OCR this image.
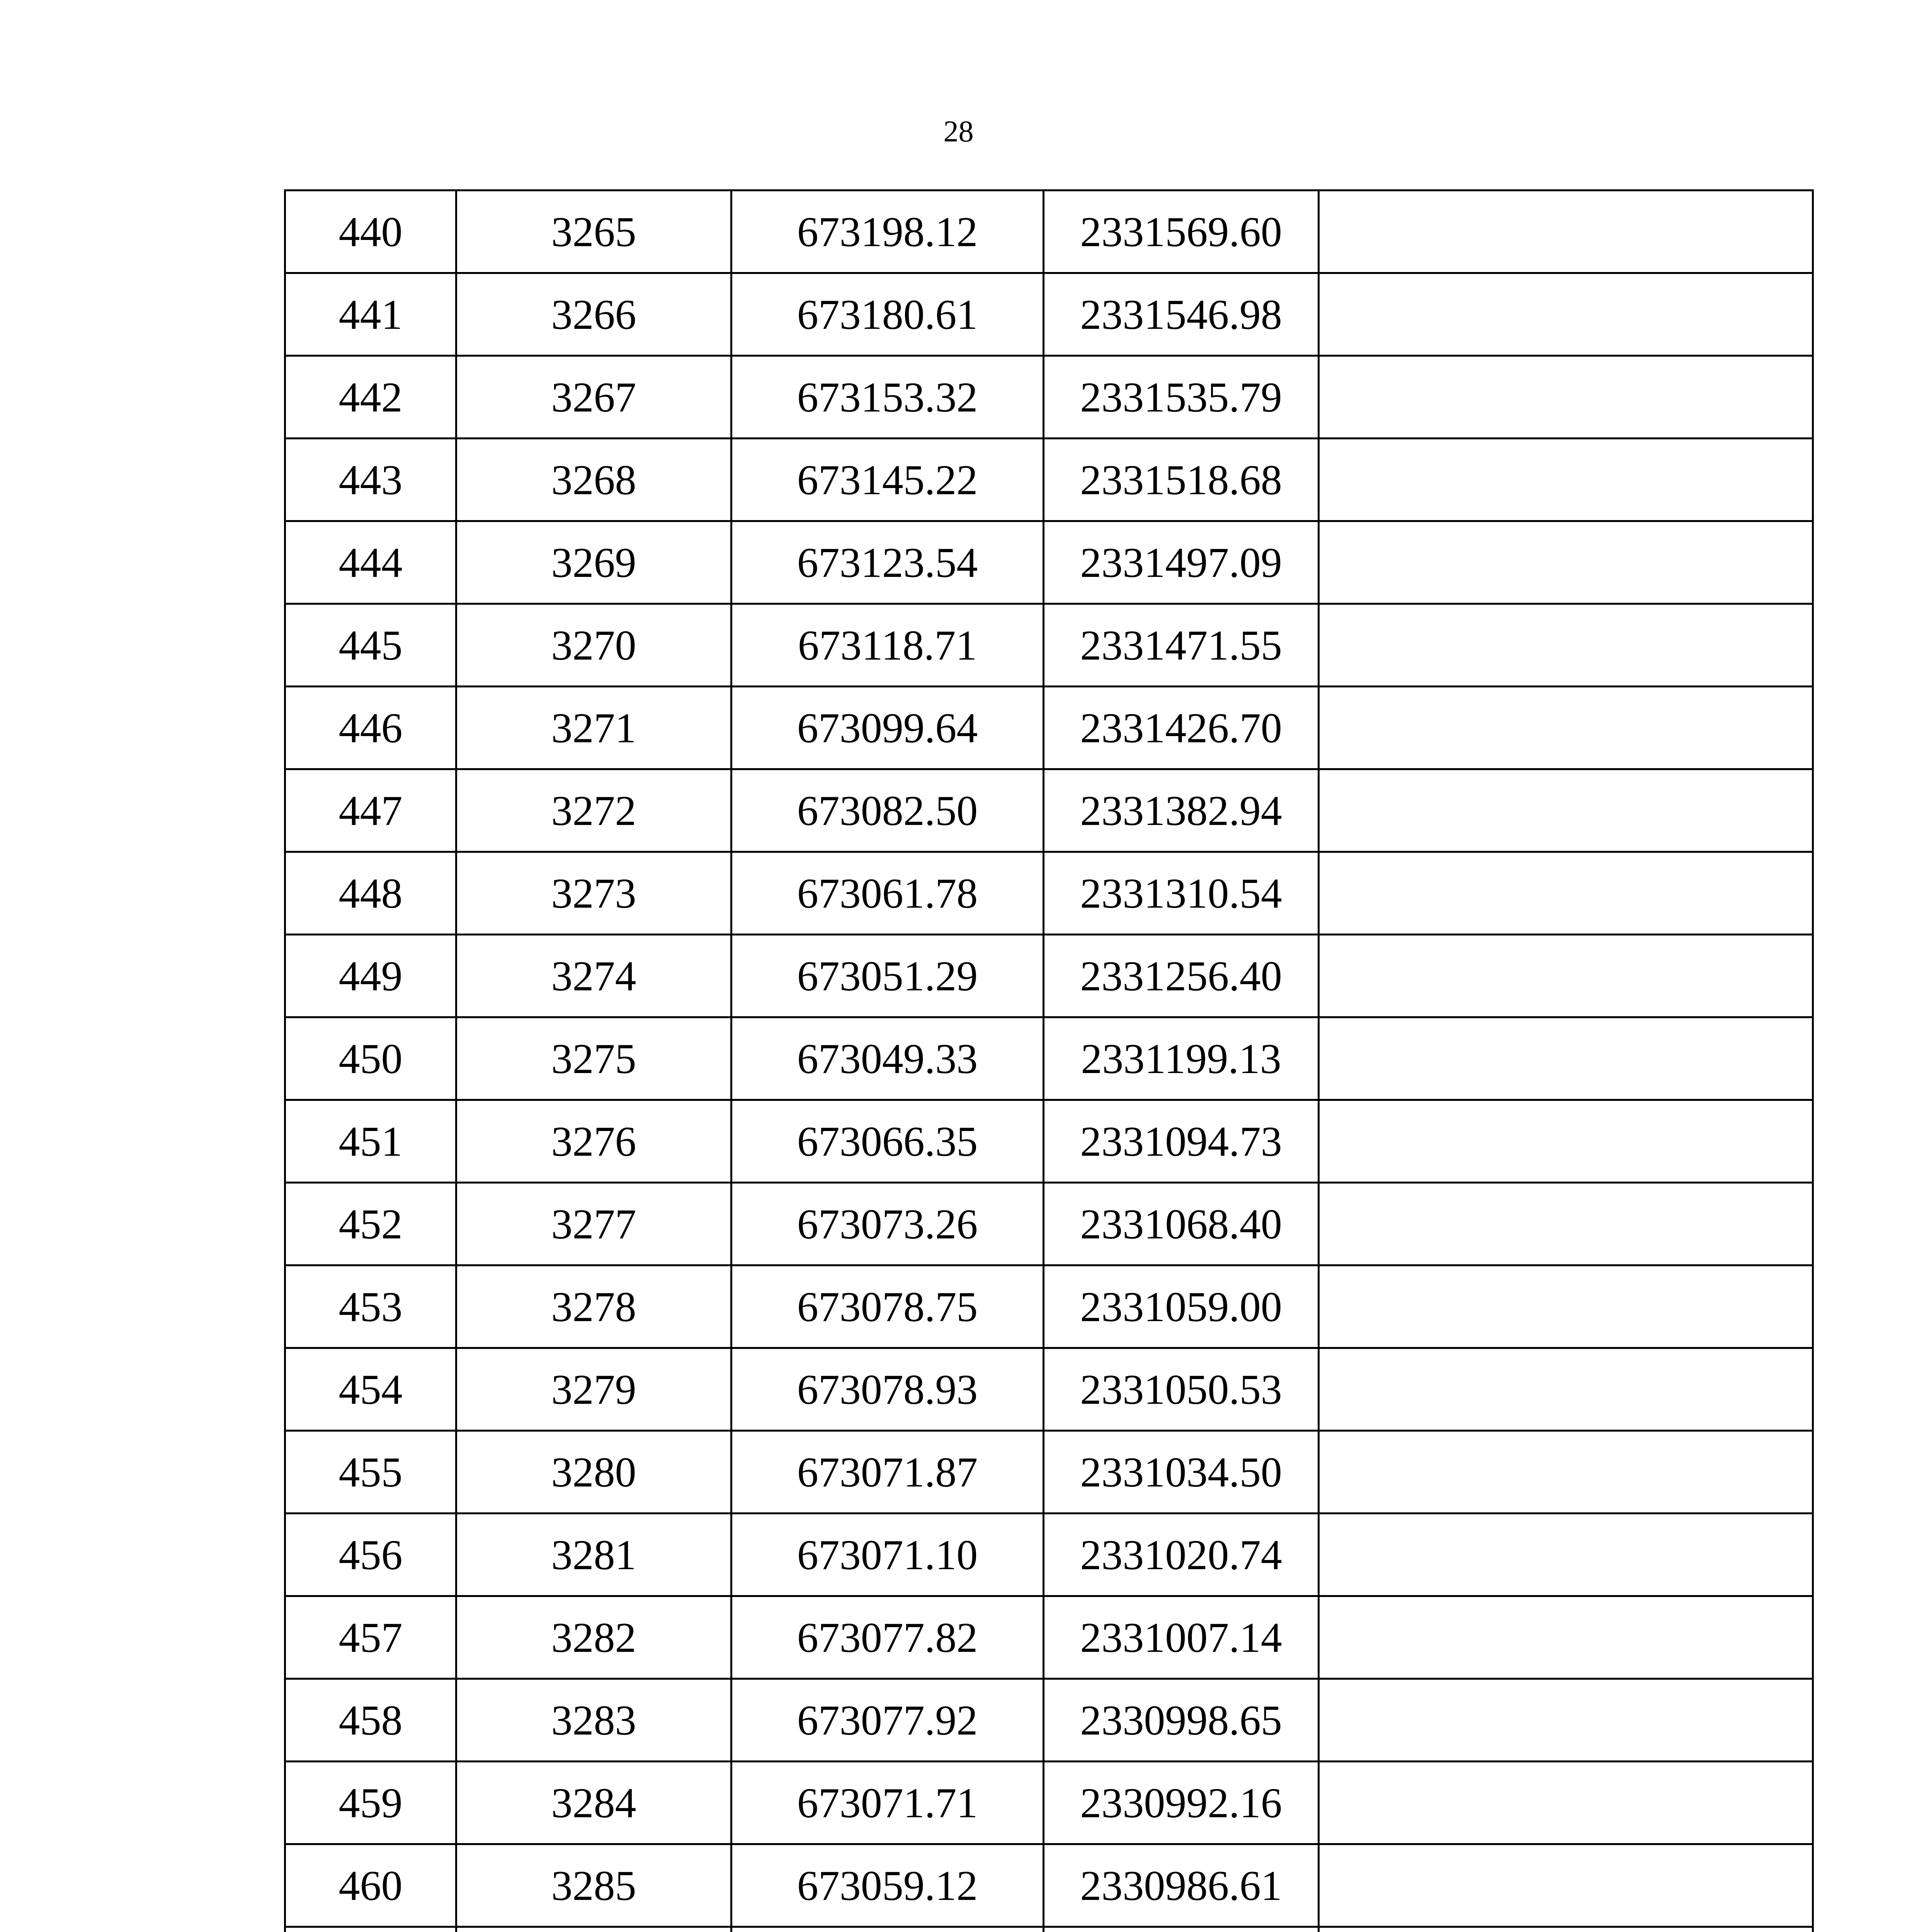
28
440	3265	673198.12	2331569.60	
441	3266	673180.61	2331546.98	
442	3267	673153.32	2331535.79	
443	3268	673145.22	2331518.68	
444	3269	673123.54	2331497.09	
445	3270	673118.71	2331471.55	
446	3271	673099.64	2331426.70	
447	3272	673082.50	2331382.94	
448	3273	673061.78	2331310.54	
449	3274	673051.29	2331256.40	
450	3275	673049.33	2331199.13	
451	3276	673066.35	2331094.73	
452	3277	673073.26	2331068.40	
453	3278	673078.75	2331059.00	
454	3279	673078.93	2331050.53	
455	3280	673071.87	2331034.50	
456	3281	673071.10	2331020.74	
457	3282	673077.82	2331007.14	
458	3283	673077.92	2330998.65	
459	3284	673071.71	2330992.16	
460	3285	673059.12	2330986.61	
